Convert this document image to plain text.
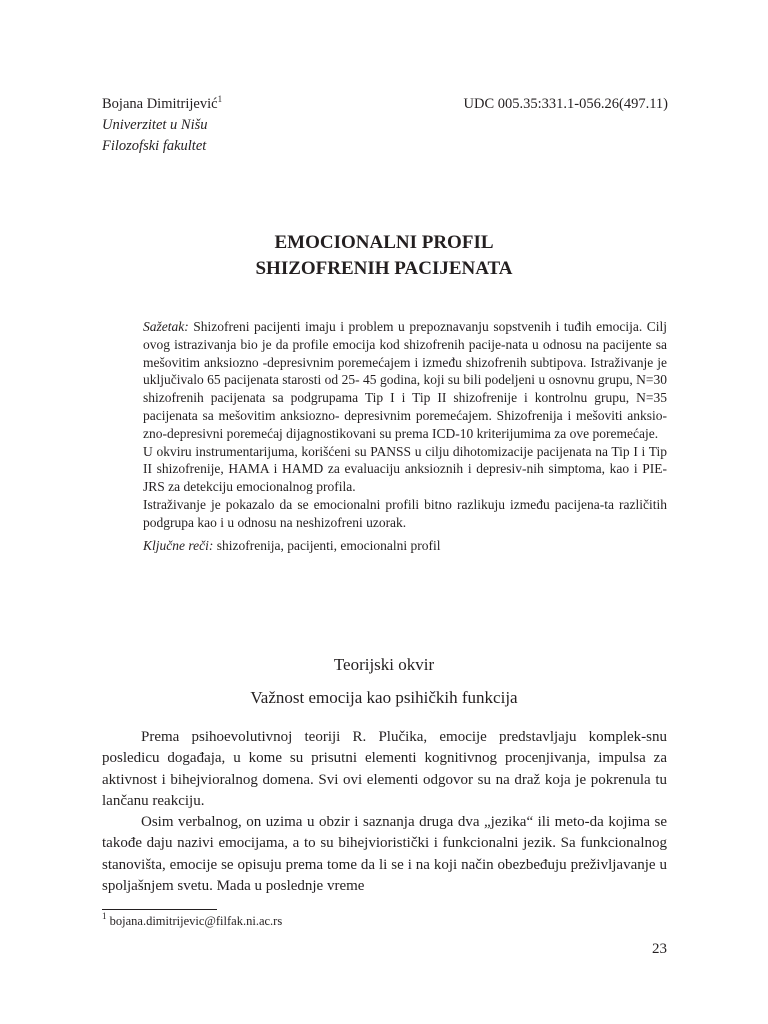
Bojana Dimitrijević$^1$
Univerzitet u Nišu
Filozofski fakultet
UDC 005.35:331.1-056.26(497.11)
EMOCIONALNI PROFIL
SHIZOFRENIH PACIJENATA

Sažetak: Shizofreni pacijenti imaju i problem u prepoznavanju sopstvenih i tuđih emocija. Cilj ovog istrazivanja bio je da profile emocija kod shizofrenih pacije-nata u odnosu na pacijente sa mešovitim anksiozno -depresivnim poremećajem i između shizofrenih subtipova. Istraživanje je uključivalo 65 pacijenata starosti od 25- 45 godina, koji su bili podeljeni u osnovnu grupu, N=30 shizofrenih pacijenata sa podgrupama Tip I i Tip II shizofrenije i kontrolnu grupu, N=35 pacijenata sa mešovitim anksiozno- depresivnim poremećajem. Shizofrenija i mešoviti anksio-zno-depresivni poremećaj dijagnostikovani su prema ICD-10 kriterijumima za ove poremećaje.

U okviru instrumentarijuma, korišćeni su PANSS u cilju dihotomizacije pacijenata na Tip I i Tip II shizofrenije, HAMA i HAMD za evaluaciju anksioznih i depresiv-nih simptoma, kao i PIE-JRS za detekciju emocionalnog profila.

Istraživanje je pokazalo da se emocionalni profili bitno razlikuju između pacijena-ta različitih podgrupa kao i u odnosu na neshizofreni uzorak.

Ključne reči: shizofrenija, pacijenti, emocionalni profil

Teorijski okvir
Važnost emocija kao psihičkih funkcija

Prema psihoevolutivnoj teoriji R. Plučika, emocije predstavljaju komplek-snu posledicu događaja, u kome su prisutni elementi kognitivnog procenjivanja, impulsa za aktivnost i bihejvioralnog domena. Svi ovi elementi odgovor su na draž koja je pokrenula tu lančanu reakciju.

Osim verbalnog, on uzima u obzir i saznanja druga dva „jezika“ ili meto-da kojima se takođe daju nazivi emocijama, a to su bihejvioristički i funkcionalni jezik. Sa funkcionalnog stanovišta, emocije se opisuju prema tome da li se i na koji način obezbeđuju preživljavanje u spoljašnjem svetu. Mada u poslednje vreme

$^1$ bojana.dimitrijevic@filfak.ni.ac.rs
23
